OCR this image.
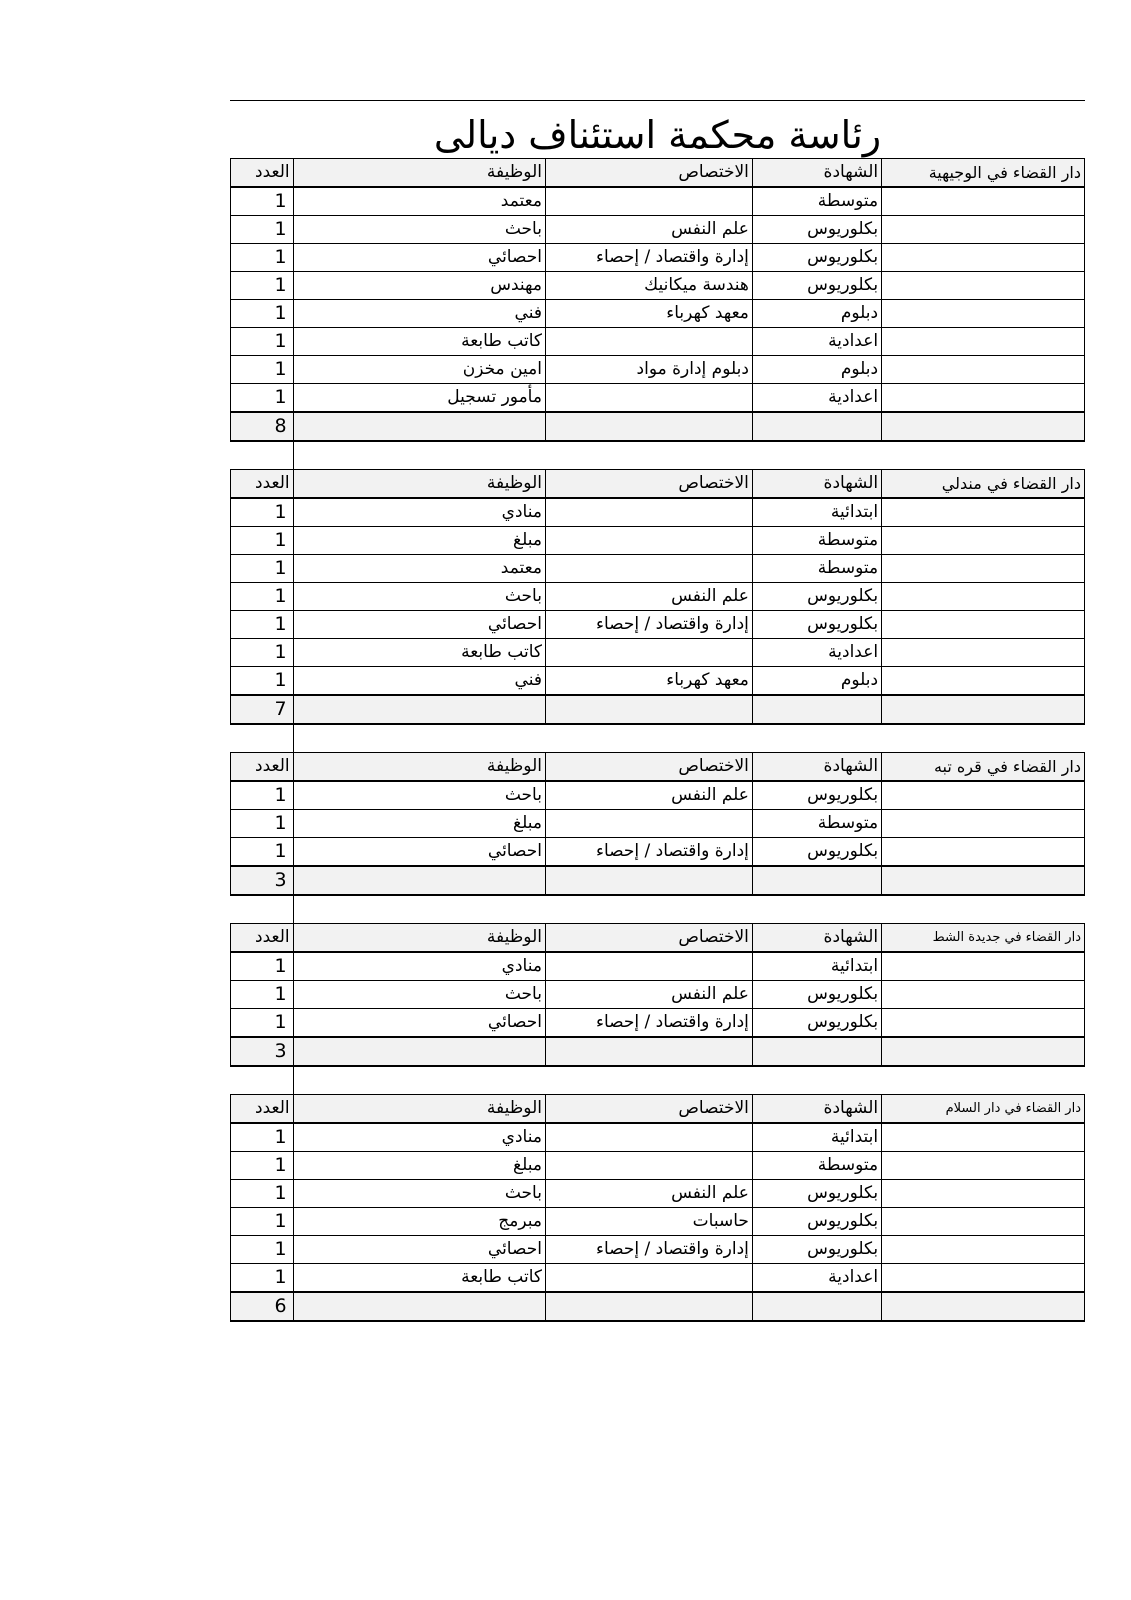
رئاسة محكمة استئناف ديالى
دار القضاء في الوجيهية	الشهادة	الاختصاص	الوظيفة	العدد
	متوسطة		معتمد	1
	بكلوريوس	علم النفس	باحث	1
	بكلوريوس	إدارة واقتصاد / إحصاء	احصائي	1
	بكلوريوس	هندسة ميكانيك	مهندس	1
	دبلوم	معهد كهرباء	فني	1
	اعدادية		كاتب طابعة	1
	دبلوم	دبلوم إدارة مواد	امين مخزن	1
	اعدادية		مأمور تسجيل	1
				8

دار القضاء في مندلي	الشهادة	الاختصاص	الوظيفة	العدد
	ابتدائية		منادي	1
	متوسطة		مبلغ	1
	متوسطة		معتمد	1
	بكلوريوس	علم النفس	باحث	1
	بكلوريوس	إدارة واقتصاد / إحصاء	احصائي	1
	اعدادية		كاتب طابعة	1
	دبلوم	معهد كهرباء	فني	1
				7

دار القضاء في قره تبه	الشهادة	الاختصاص	الوظيفة	العدد
	بكلوريوس	علم النفس	باحث	1
	متوسطة		مبلغ	1
	بكلوريوس	إدارة واقتصاد / إحصاء	احصائي	1
				3

دار القضاء في جديدة الشط	الشهادة	الاختصاص	الوظيفة	العدد
	ابتدائية		منادي	1
	بكلوريوس	علم النفس	باحث	1
	بكلوريوس	إدارة واقتصاد / إحصاء	احصائي	1
				3

دار القضاء في دار السلام	الشهادة	الاختصاص	الوظيفة	العدد
	ابتدائية		منادي	1
	متوسطة		مبلغ	1
	بكلوريوس	علم النفس	باحث	1
	بكلوريوس	حاسبات	مبرمج	1
	بكلوريوس	إدارة واقتصاد / إحصاء	احصائي	1
	اعدادية		كاتب طابعة	1
				6
